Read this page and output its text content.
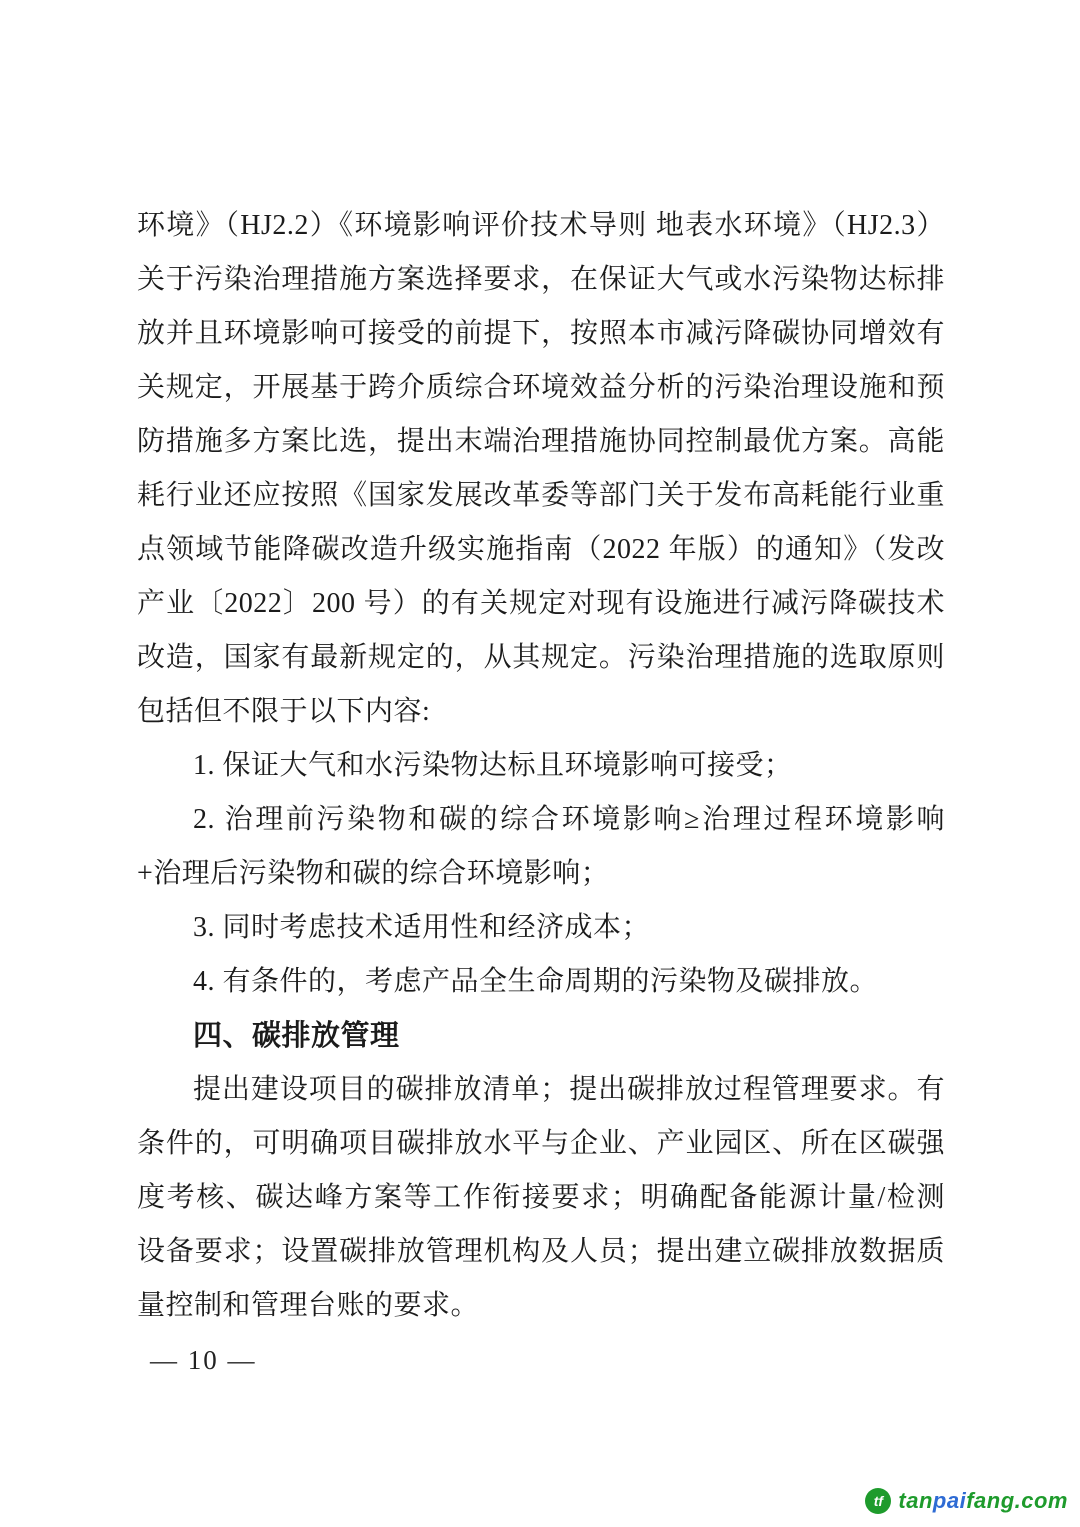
环境》（HJ2.2）《环境影响评价技术导则 地表水环境》（HJ2.3）
关于污染治理措施方案选择要求，在保证大气或水污染物达标排
放并且环境影响可接受的前提下，按照本市减污降碳协同增效有
关规定，开展基于跨介质综合环境效益分析的污染治理设施和预
防措施多方案比选，提出末端治理措施协同控制最优方案。高能
耗行业还应按照《国家发展改革委等部门关于发布高耗能行业重
点领域节能降碳改造升级实施指南（2022 年版）的通知》（发改
产业〔2022〕200 号）的有关规定对现有设施进行减污降碳技术
改造，国家有最新规定的，从其规定。污染治理措施的选取原则
包括但不限于以下内容:
1. 保证大气和水污染物达标且环境影响可接受；
2. 治理前污染物和碳的综合环境影响≥治理过程环境影响
+治理后污染物和碳的综合环境影响；
3. 同时考虑技术适用性和经济成本；
4. 有条件的，考虑产品全生命周期的污染物及碳排放。
四、碳排放管理
提出建设项目的碳排放清单；提出碳排放过程管理要求。有
条件的，可明确项目碳排放水平与企业、产业园区、所在区碳强
度考核、碳达峰方案等工作衔接要求；明确配备能源计量/检测
设备要求；设置碳排放管理机构及人员；提出建立碳排放数据质
量控制和管理台账的要求。
— 10 —
tf tanpaifang.com
